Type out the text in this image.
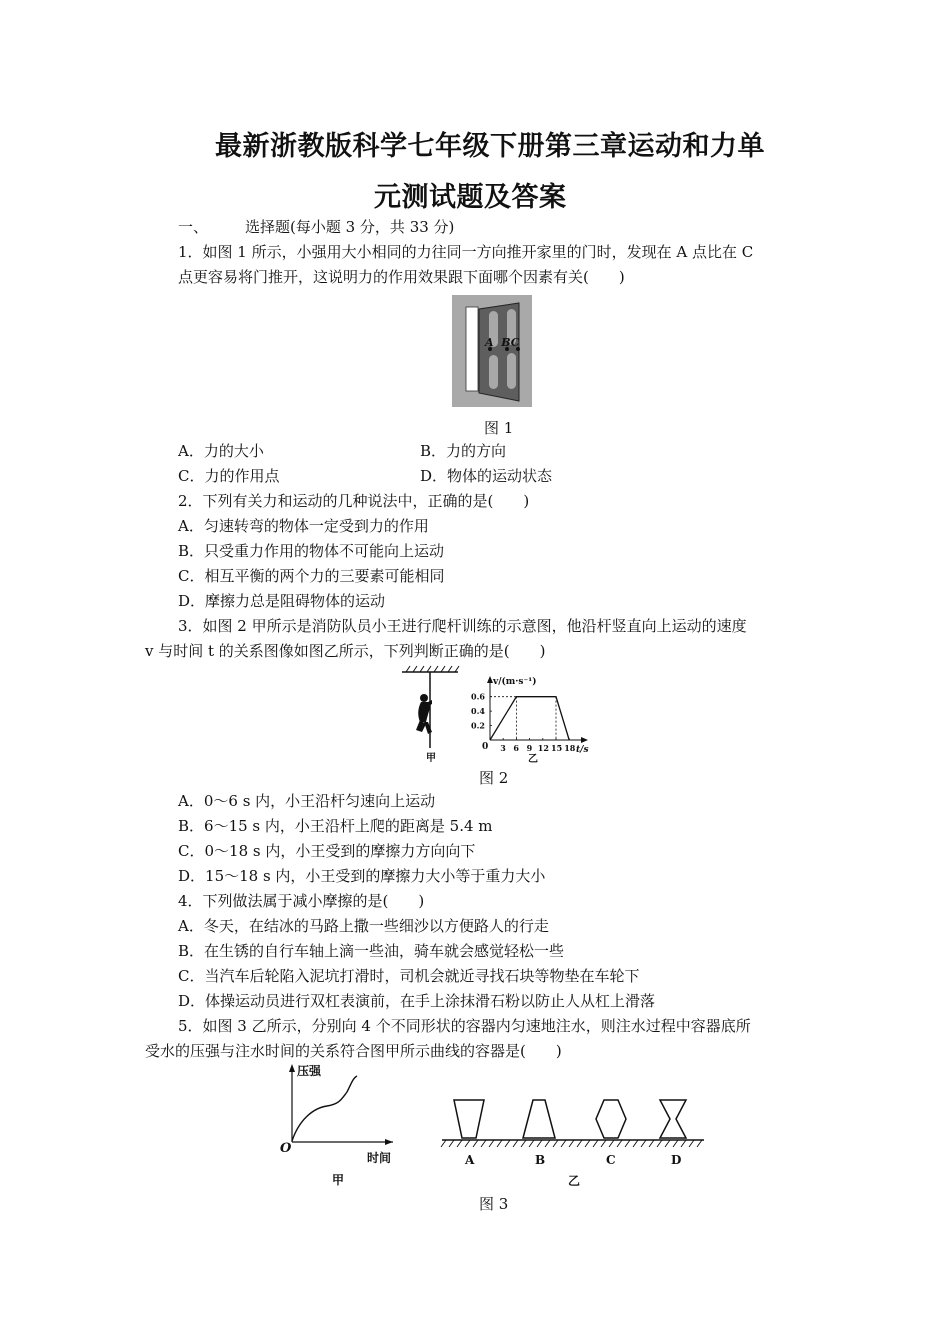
最新浙教版科学七年级下册第三章运动和力单
元测试题及答案
一、 选择题(每小题 3 分，共 33 分)
1．如图 1 所示，小强用大小相同的力往同一方向推开家里的门时，发现在 A 点比在 C
点更容易将门推开，这说明力的作用效果跟下面哪个因素有关(　　)
A  BC
图 1
A．力的大小	B．力的方向
C．力的作用点	D．物体的运动状态
2．下列有关力和运动的几种说法中，正确的是(　　)
A．匀速转弯的物体一定受到力的作用
B．只受重力作用的物体不可能向上运动
C．相互平衡的两个力的三要素可能相同
D．摩擦力总是阻碍物体的运动
3．如图 2 甲所示是消防队员小王进行爬杆训练的示意图，他沿杆竖直向上运动的速度
v 与时间 t 的关系图像如图乙所示，下列判断正确的是(　　)
甲
v/(m·s⁻¹)
t/s
0 3 6 9 12 15 18
0.2
0.4
0.6
乙
图 2
A．0～6 s 内，小王沿杆匀速向上运动
B．6～15 s 内，小王沿杆上爬的距离是 5.4 m
C．0～18 s 内，小王受到的摩擦力方向向下
D．15～18 s 内，小王受到的摩擦力大小等于重力大小
4．下列做法属于减小摩擦的是(　　)
A．冬天，在结冰的马路上撒一些细沙以方便路人的行走
B．在生锈的自行车轴上滴一些油，骑车就会感觉轻松一些
C．当汽车后轮陷入泥坑打滑时，司机会就近寻找石块等物垫在车轮下
D．体操运动员进行双杠表演前，在手上涂抹滑石粉以防止人从杠上滑落
5．如图 3 乙所示，分别向 4 个不同形状的容器内匀速地注水，则注水过程中容器底所
受水的压强与注水时间的关系符合图甲所示曲线的容器是(　　)
压强
O
时间
甲
A	B	C	D
乙
图 3
